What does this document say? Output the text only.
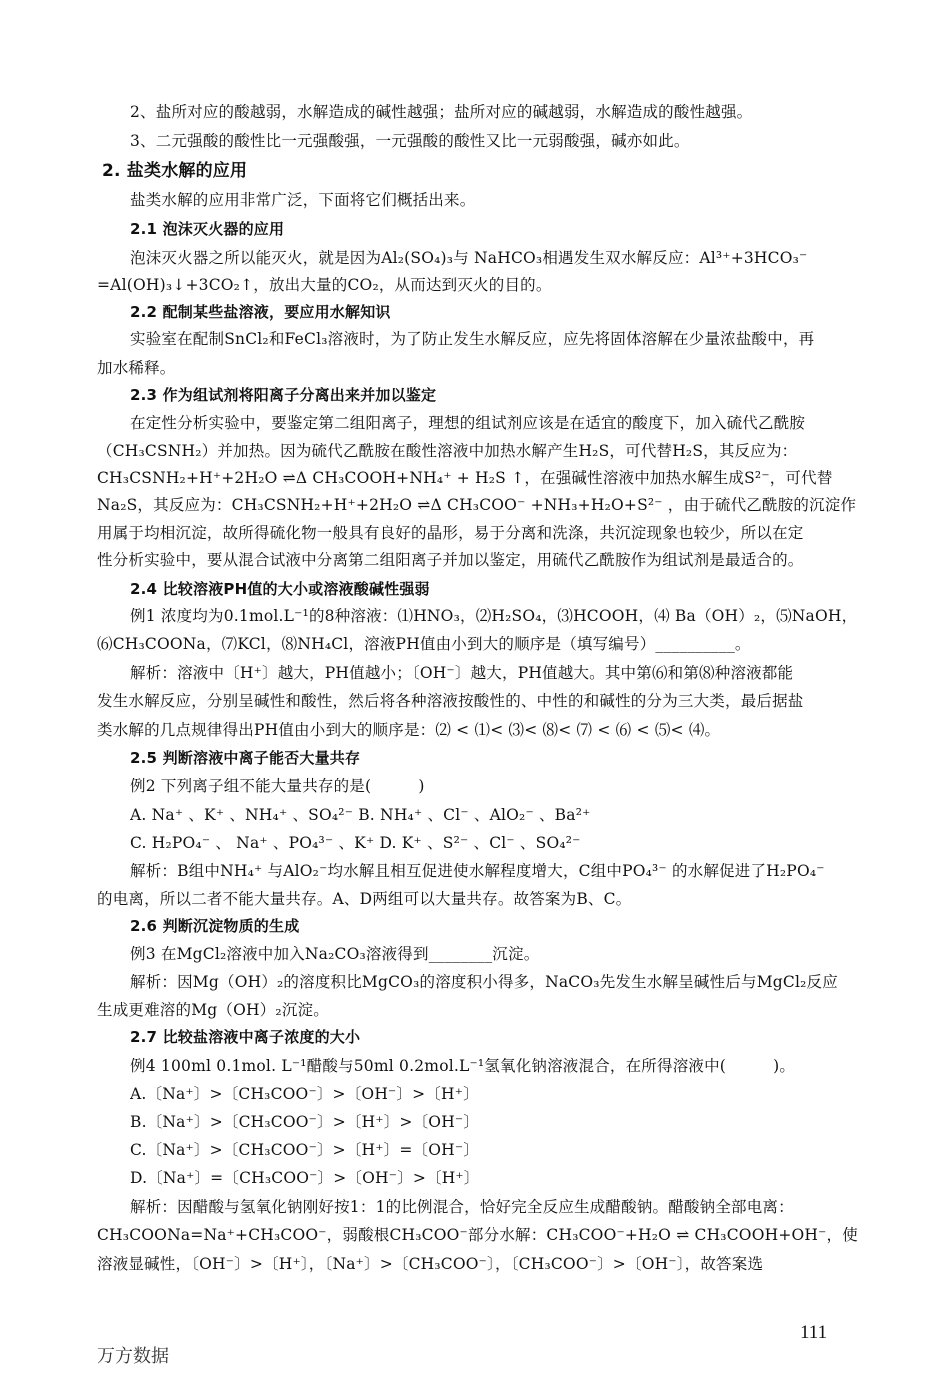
2、盐所对应的酸越弱，水解造成的碱性越强；盐所对应的碱越弱，水解造成的酸性越强。
3、二元强酸的酸性比一元强酸强，一元强酸的酸性又比一元弱酸强，碱亦如此。
2. 盐类水解的应用
盐类水解的应用非常广泛，下面将它们概括出来。
2.1 泡沫灭火器的应用
泡沫灭火器之所以能灭火，就是因为Al₂(SO₄)₃与 NaHCO₃相遇发生双水解反应：Al³⁺+3HCO₃⁻
=Al(OH)₃↓+3CO₂↑，放出大量的CO₂，从而达到灭火的目的。
2.2 配制某些盐溶液，要应用水解知识
实验室在配制SnCl₂和FeCl₃溶液时，为了防止发生水解反应，应先将固体溶解在少量浓盐酸中，再
加水稀释。
2.3 作为组试剂将阳离子分离出来并加以鉴定
在定性分析实验中，要鉴定第二组阳离子，理想的组试剂应该是在适宜的酸度下，加入硫代乙酰胺
（CH₃CSNH₂）并加热。因为硫代乙酰胺在酸性溶液中加热水解产生H₂S，可代替H₂S，其反应为：
CH₃CSNH₂+H⁺+2H₂O ⇌Δ CH₃COOH+NH₄⁺ + H₂S ↑，在强碱性溶液中加热水解生成S²⁻，可代替
Na₂S，其反应为：CH₃CSNH₂+H⁺+2H₂O ⇌Δ CH₃COO⁻ +NH₃+H₂O+S²⁻ ，由于硫代乙酰胺的沉淀作
用属于均相沉淀，故所得硫化物一般具有良好的晶形，易于分离和洗涤，共沉淀现象也较少，所以在定
性分析实验中，要从混合试液中分离第二组阳离子并加以鉴定，用硫代乙酰胺作为组试剂是最适合的。
2.4 比较溶液PH值的大小或溶液酸碱性强弱
例1 浓度均为0.1mol.L⁻¹的8种溶液：⑴HNO₃，⑵H₂SO₄，⑶HCOOH，⑷ Ba（OH）₂，⑸NaOH，
⑹CH₃COONa，⑺KCl，⑻NH₄Cl，溶液PH值由小到大的顺序是（填写编号）__________。
解析：溶液中〔H⁺〕越大，PH值越小；〔OH⁻〕越大，PH值越大。其中第⑹和第⑻种溶液都能
发生水解反应，分别呈碱性和酸性，然后将各种溶液按酸性的、中性的和碱性的分为三大类，最后据盐
类水解的几点规律得出PH值由小到大的顺序是：⑵ < ⑴< ⑶< ⑻< ⑺ < ⑹ < ⑸< ⑷。
2.5 判断溶液中离子能否大量共存
例2 下列离子组不能大量共存的是(　　　)
A. Na⁺ 、K⁺ 、NH₄⁺ 、SO₄²⁻ B. NH₄⁺ 、Cl⁻ 、AlO₂⁻ 、Ba²⁺
C. H₂PO₄⁻ 、 Na⁺ 、PO₄³⁻ 、K⁺ D. K⁺ 、S²⁻ 、Cl⁻ 、SO₄²⁻
解析：B组中NH₄⁺ 与AlO₂⁻均水解且相互促进使水解程度增大，C组中PO₄³⁻ 的水解促进了H₂PO₄⁻
的电离，所以二者不能大量共存。A、D两组可以大量共存。故答案为B、C。
2.6 判断沉淀物质的生成
例3 在MgCl₂溶液中加入Na₂CO₃溶液得到________沉淀。
解析：因Mg（OH）₂的溶度积比MgCO₃的溶度积小得多，NaCO₃先发生水解呈碱性后与MgCl₂反应
生成更难溶的Mg（OH）₂沉淀。
2.7 比较盐溶液中离子浓度的大小
例4 100ml 0.1mol. L⁻¹醋酸与50ml 0.2mol.L⁻¹氢氧化钠溶液混合，在所得溶液中(　　　)。
A.〔Na⁺〕>〔CH₃COO⁻〕>〔OH⁻〕>〔H⁺〕
B.〔Na⁺〕>〔CH₃COO⁻〕>〔H⁺〕>〔OH⁻〕
C.〔Na⁺〕>〔CH₃COO⁻〕>〔H⁺〕=〔OH⁻〕
D.〔Na⁺〕=〔CH₃COO⁻〕>〔OH⁻〕>〔H⁺〕
解析：因醋酸与氢氧化钠刚好按1：1的比例混合，恰好完全反应生成醋酸钠。醋酸钠全部电离：
CH₃COONa=Na⁺+CH₃COO⁻，弱酸根CH₃COO⁻部分水解：CH₃COO⁻+H₂O ⇌ CH₃COOH+OH⁻，使
溶液显碱性，〔OH⁻〕>〔H⁺〕，〔Na⁺〕>〔CH₃COO⁻〕，〔CH₃COO⁻〕>〔OH⁻〕，故答案选
111
万方数据
